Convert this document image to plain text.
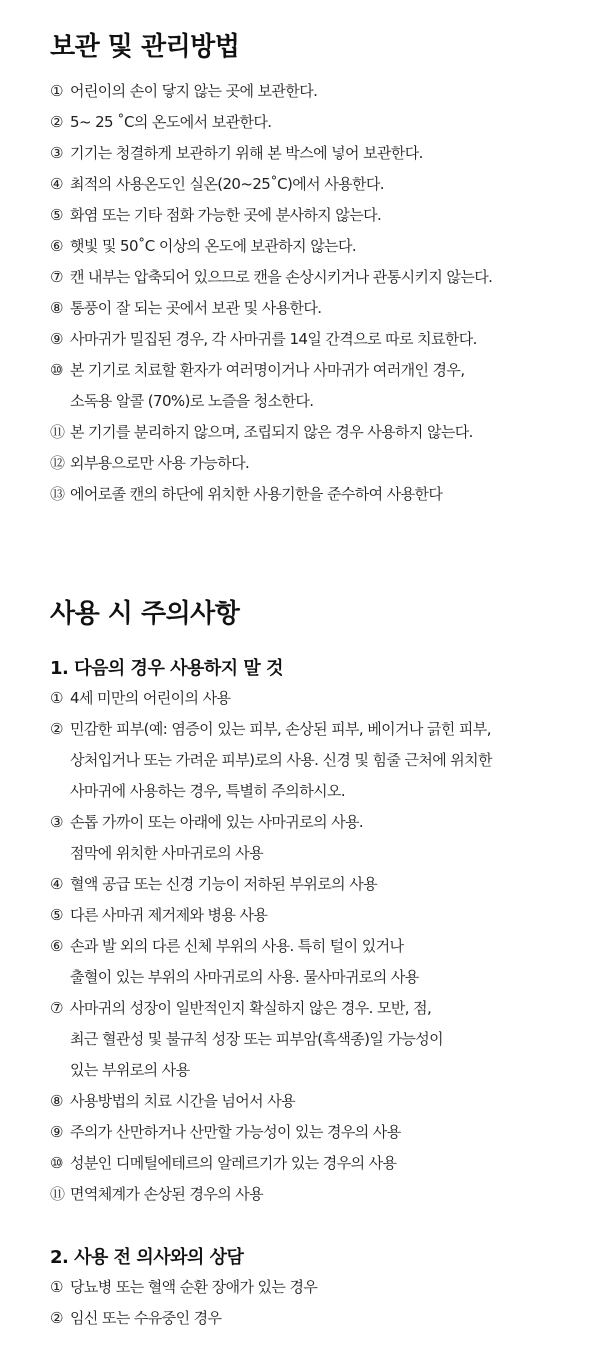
보관 및 관리방법
① 어린이의 손이 닿지 않는 곳에 보관한다.
② 5~ 25 ˚C의 온도에서 보관한다.
③ 기기는 청결하게 보관하기 위해 본 박스에 넣어 보관한다.
④ 최적의 사용온도인 실온(20~25˚C)에서 사용한다.
⑤ 화염 또는 기타 점화 가능한 곳에 분사하지 않는다.
⑥ 햇빛 및 50˚C 이상의 온도에 보관하지 않는다.
⑦ 캔 내부는 압축되어 있으므로 캔을 손상시키거나 관통시키지 않는다.
⑧ 통풍이 잘 되는 곳에서 보관 및 사용한다.
⑨ 사마귀가 밀집된 경우, 각 사마귀를 14일 간격으로 따로 치료한다.
⑩ 본 기기로 치료할 환자가 여러명이거나 사마귀가 여러개인 경우,
소독용 알콜 (70%)로 노즐을 청소한다.
⑪ 본 기기를 분리하지 않으며, 조립되지 않은 경우 사용하지 않는다.
⑫ 외부용으로만 사용 가능하다.
⑬ 에어로졸 캔의 하단에 위치한 사용기한을 준수하여 사용한다
사용 시 주의사항
1. 다음의 경우 사용하지 말 것
① 4세 미만의 어린이의 사용
② 민감한 피부(예: 염증이 있는 피부, 손상된 피부, 베이거나 긁힌 피부,
상처입거나 또는 가려운 피부)로의 사용. 신경 및 힘줄 근처에 위치한
사마귀에 사용하는 경우, 특별히 주의하시오.
③ 손톱 가까이 또는 아래에 있는 사마귀로의 사용.
점막에 위치한 사마귀로의 사용
④ 혈액 공급 또는 신경 기능이 저하된 부위로의 사용
⑤ 다른 사마귀 제거제와 병용 사용
⑥ 손과 발 외의 다른 신체 부위의 사용. 특히 털이 있거나
출혈이 있는 부위의 사마귀로의 사용. 물사마귀로의 사용
⑦ 사마귀의 성장이 일반적인지 확실하지 않은 경우. 모반, 점,
최근 혈관성 및 불규칙 성장 또는 피부암(흑색종)일 가능성이
있는 부위로의 사용
⑧ 사용방법의 치료 시간을 넘어서 사용
⑨ 주의가 산만하거나 산만할 가능성이 있는 경우의 사용
⑩ 성분인 디메틸에테르의 알레르기가 있는 경우의 사용
⑪ 면역체계가 손상된 경우의 사용
2. 사용 전 의사와의 상담
① 당뇨병 또는 혈액 순환 장애가 있는 경우
② 임신 또는 수유중인 경우
